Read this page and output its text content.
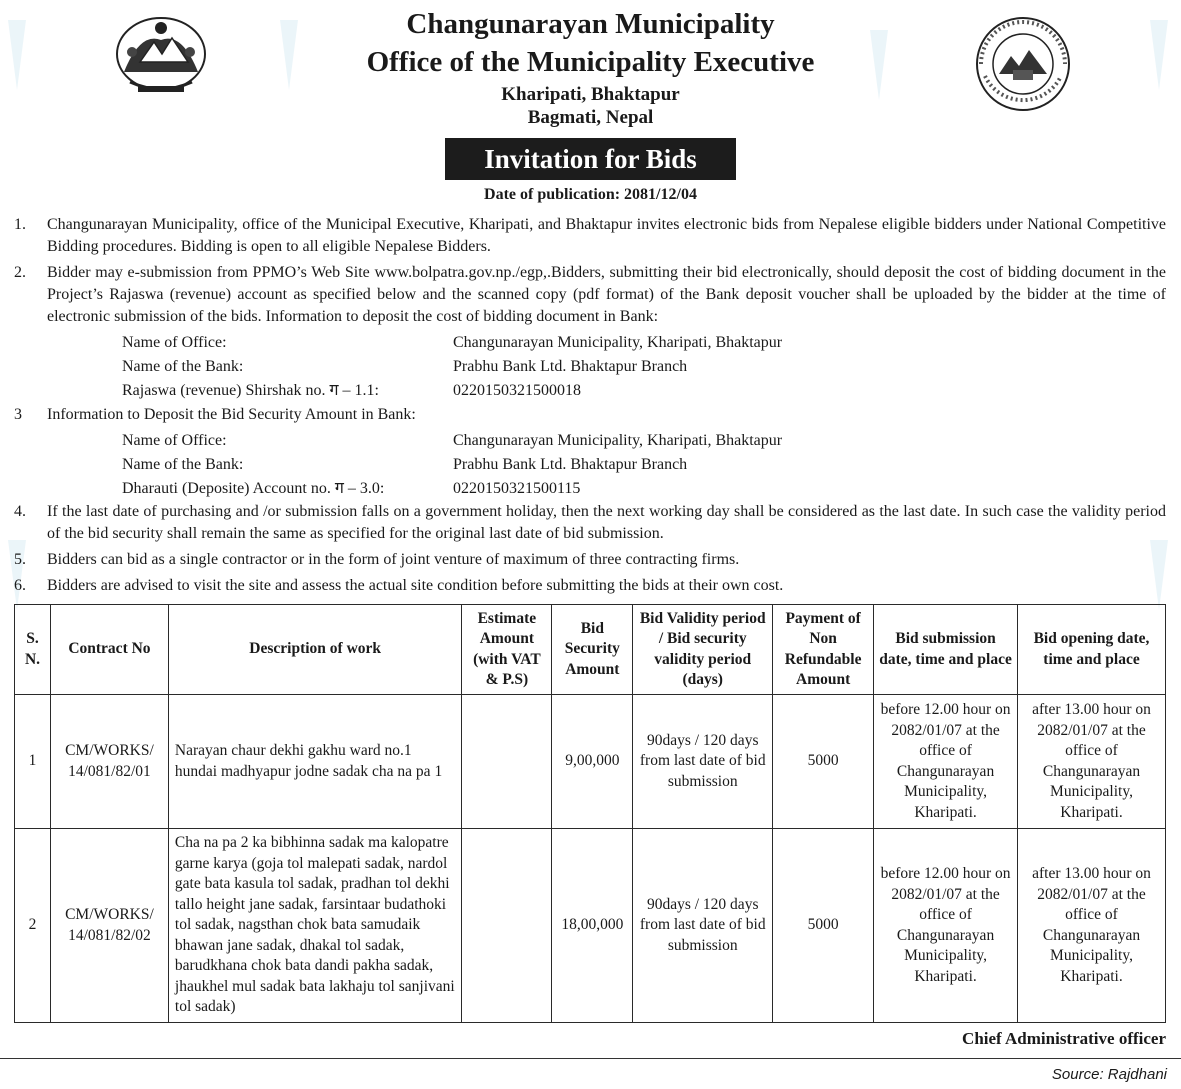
Changunarayan Municipality
Office of the Municipality Executive
Kharipati, Bhaktapur
Bagmati, Nepal
Invitation for Bids
Date of publication: 2081/12/04
1.	Changunarayan Municipality, office of the Municipal Executive, Kharipati, and Bhaktapur invites electronic bids from Nepalese eligible bidders under National Competitive Bidding procedures. Bidding is open to all eligible Nepalese Bidders.
2.	Bidder may e-submission from PPMO’s Web Site www.bolpatra.gov.np./egp,.Bidders, submitting their bid electronically, should deposit the cost of bidding document in the Project’s Rajaswa (revenue) account as specified below and the scanned copy (pdf format) of the Bank deposit voucher shall be uploaded by the bidder at the time of electronic submission of the bids. Information to deposit the cost of bidding document in Bank:
Name of Office:	Changunarayan Municipality, Kharipati, Bhaktapur
Name of the Bank:	Prabhu Bank Ltd. Bhaktapur Branch
Rajaswa (revenue) Shirshak no. ग – 1.1:	0220150321500018
3	Information to Deposit the Bid Security Amount in Bank:
Name of Office:	Changunarayan Municipality, Kharipati, Bhaktapur
Name of the Bank:	Prabhu Bank Ltd. Bhaktapur Branch
Dharauti (Deposite) Account no. ग – 3.0:	0220150321500115
4.	If the last date of purchasing and /or submission falls on a government holiday, then the next working day shall be considered as the last date. In such case the validity period of the bid security shall remain the same as specified for the original last date of bid submission.
5.	Bidders can bid as a single contractor or in the form of joint venture of maximum of three contracting firms.
6.	Bidders are advised to visit the site and assess the actual site condition before submitting the bids at their own cost.
S. N.	Contract No	Description of work	Estimate Amount (with VAT & P.S)	Bid Security Amount	Bid Validity period / Bid security validity period (days)	Payment of Non Refundable Amount	Bid submission date, time and place	Bid opening date, time and place
1	CM/WORKS/ 14/081/82/01	Narayan chaur dekhi gakhu ward no.1 hundai madhyapur jodne sadak cha na pa 1		9,00,000	90days / 120 days from last date of bid submission	5000	before 12.00 hour on 2082/01/07 at the office of Changunarayan Municipality, Kharipati.	after 13.00 hour on 2082/01/07 at the office of Changunarayan Municipality, Kharipati.
2	CM/WORKS/ 14/081/82/02	Cha na pa 2 ka bibhinna sadak ma kalopatre garne karya (goja tol malepati sadak, nardol gate bata kasula tol sadak, pradhan tol dekhi tallo height jane sadak, farsintaar budathoki tol sadak, nagsthan chok bata samudaik bhawan jane sadak, dhakal tol sadak, barudkhana chok bata dandi pakha sadak, jhaukhel mul sadak bata lakhaju tol sanjivani tol sadak)		18,00,000	90days / 120 days from last date of bid submission	5000	before 12.00 hour on 2082/01/07 at the office of Changunarayan Municipality, Kharipati.	after 13.00 hour on 2082/01/07 at the office of Changunarayan Municipality, Kharipati.
Chief Administrative officer
Source: Rajdhani
